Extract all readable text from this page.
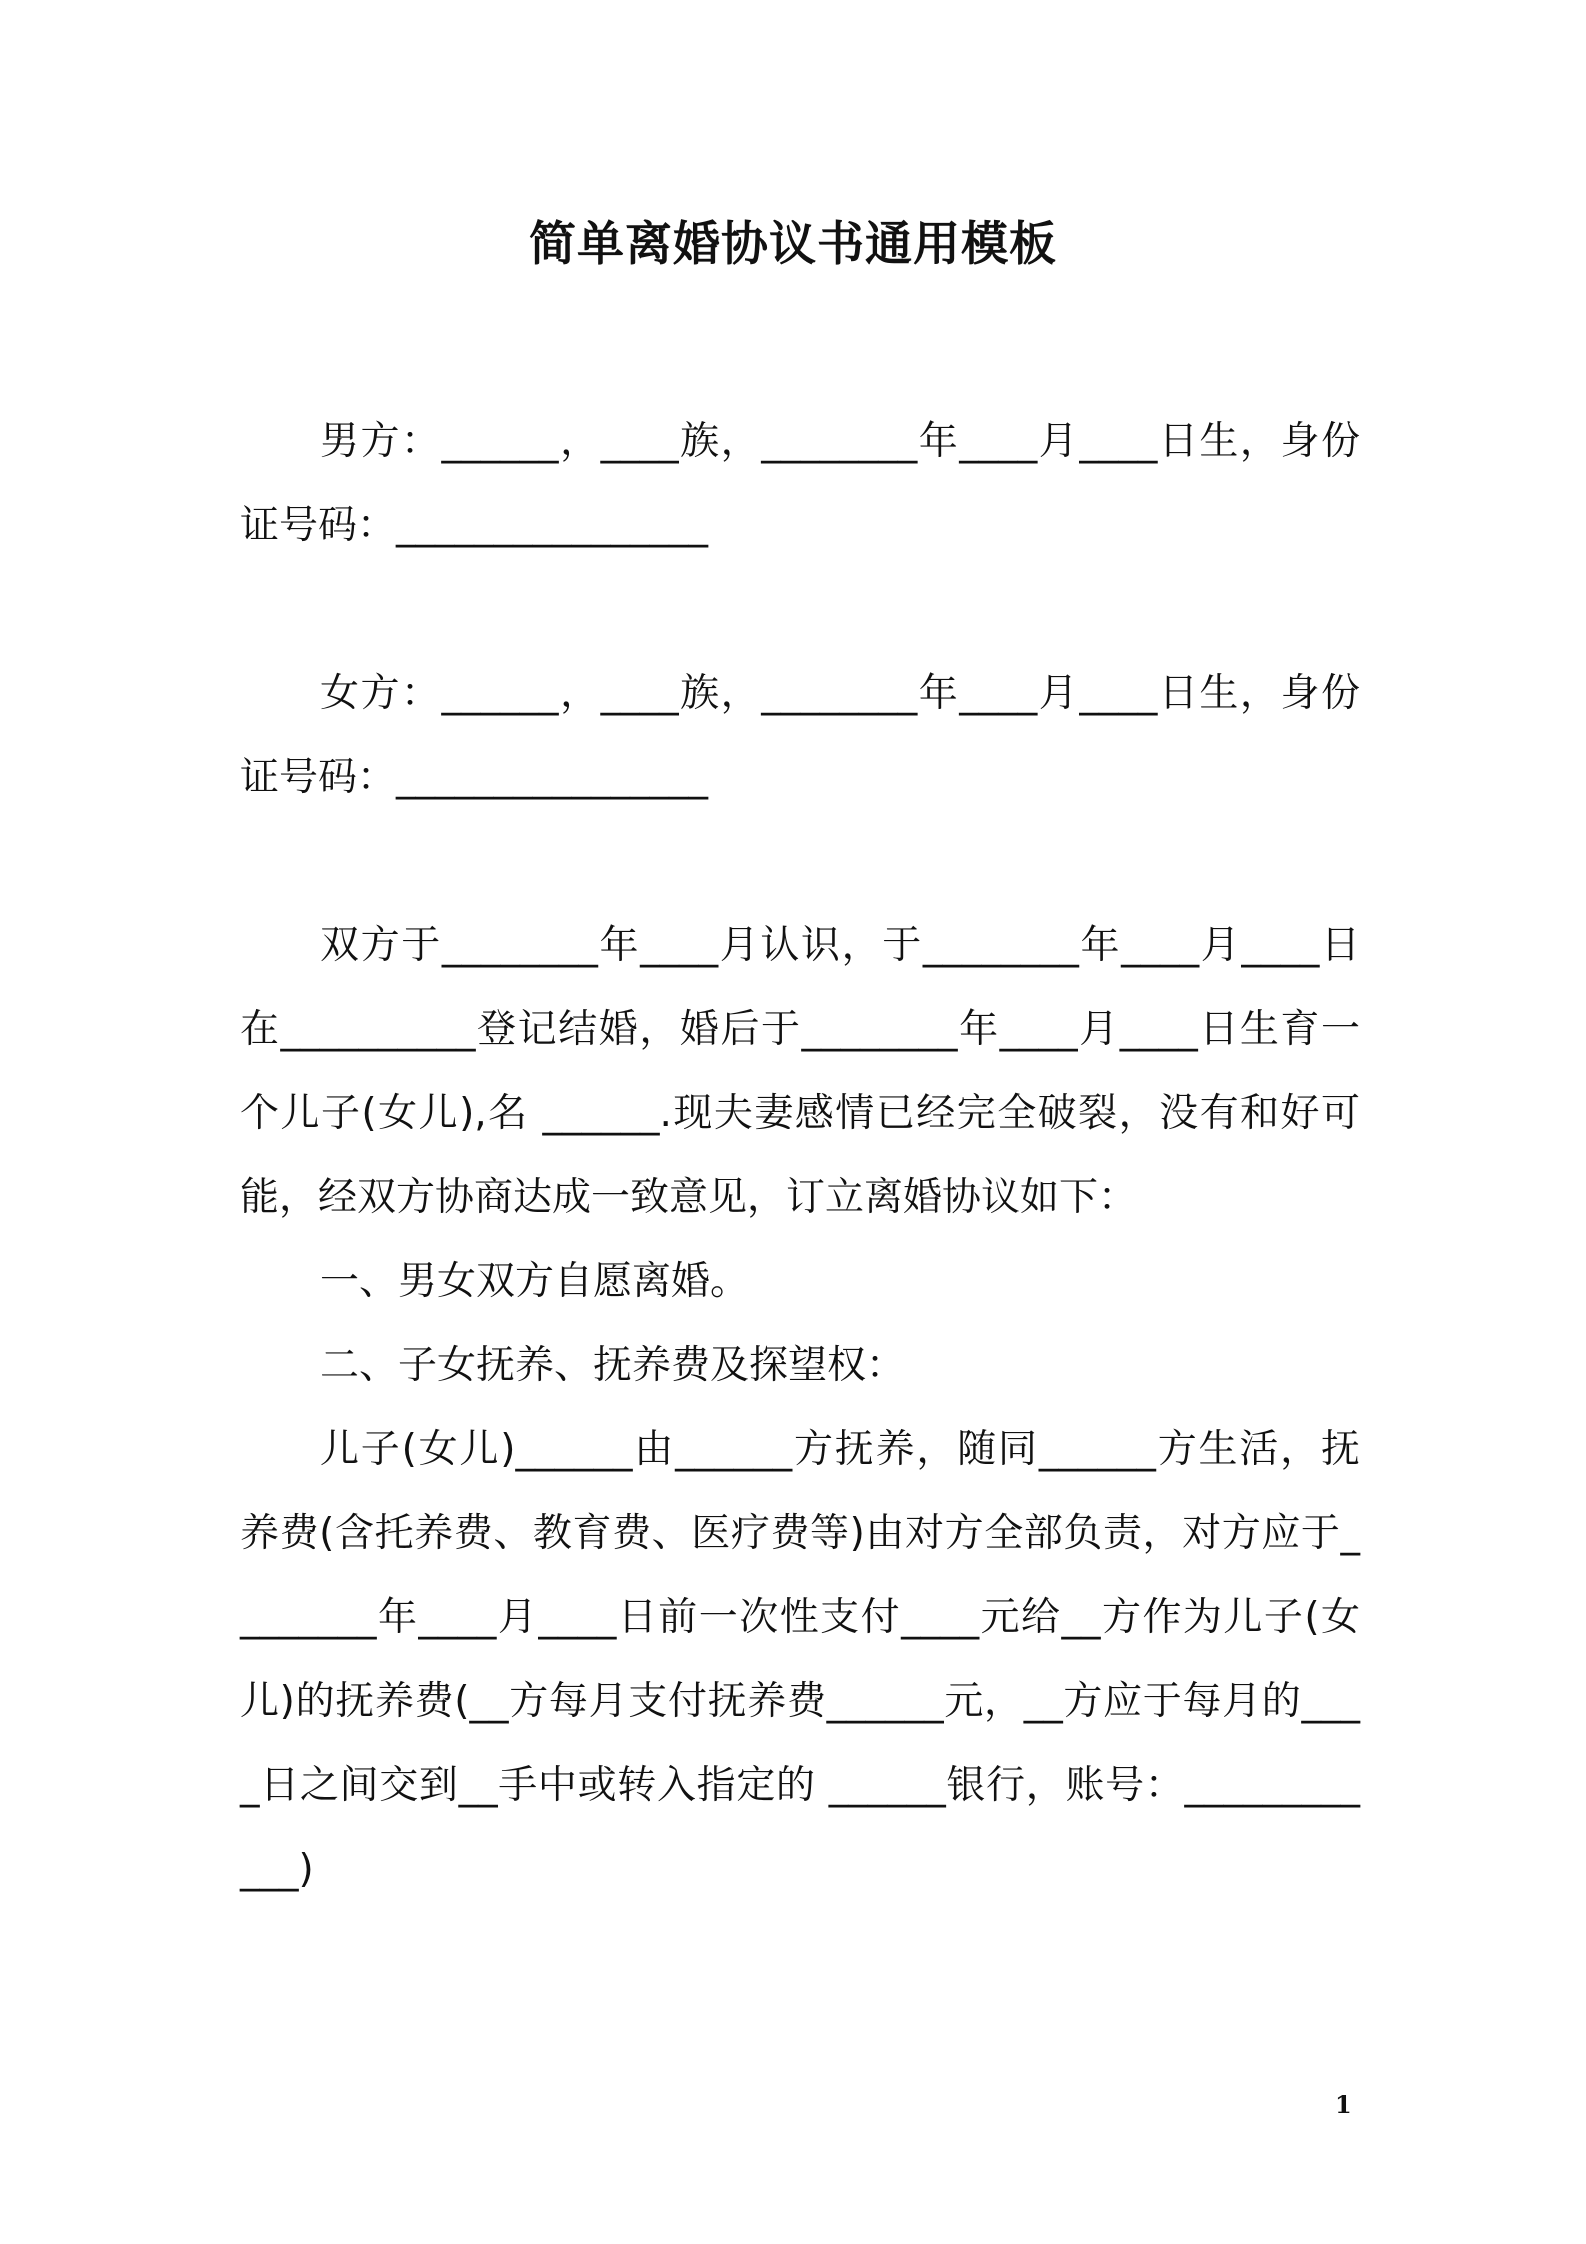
简单离婚协议书通用模板

男方：______，____族，________年____月____日生，身份证号码：________________

女方：______，____族，________年____月____日生，身份证号码：________________

双方于________年____月认识，于________年____月____日在__________登记结婚，婚后于________年____月____日生育一个儿子(女儿),名 ______.现夫妻感情已经完全破裂，没有和好可能，经双方协商达成一致意见，订立离婚协议如下：

一、男女双方自愿离婚。

二、子女抚养、抚养费及探望权：

儿子(女儿)______由______方抚养，随同______方生活，抚养费(含托养费、教育费、医疗费等)由对方全部负责，对方应于________年____月____日前一次性支付____元给__方作为儿子(女儿)的抚养费(__方每月支付抚养费______元，__方应于每月的____日之间交到__手中或转入指定的 ______银行，账号：____________)

1
